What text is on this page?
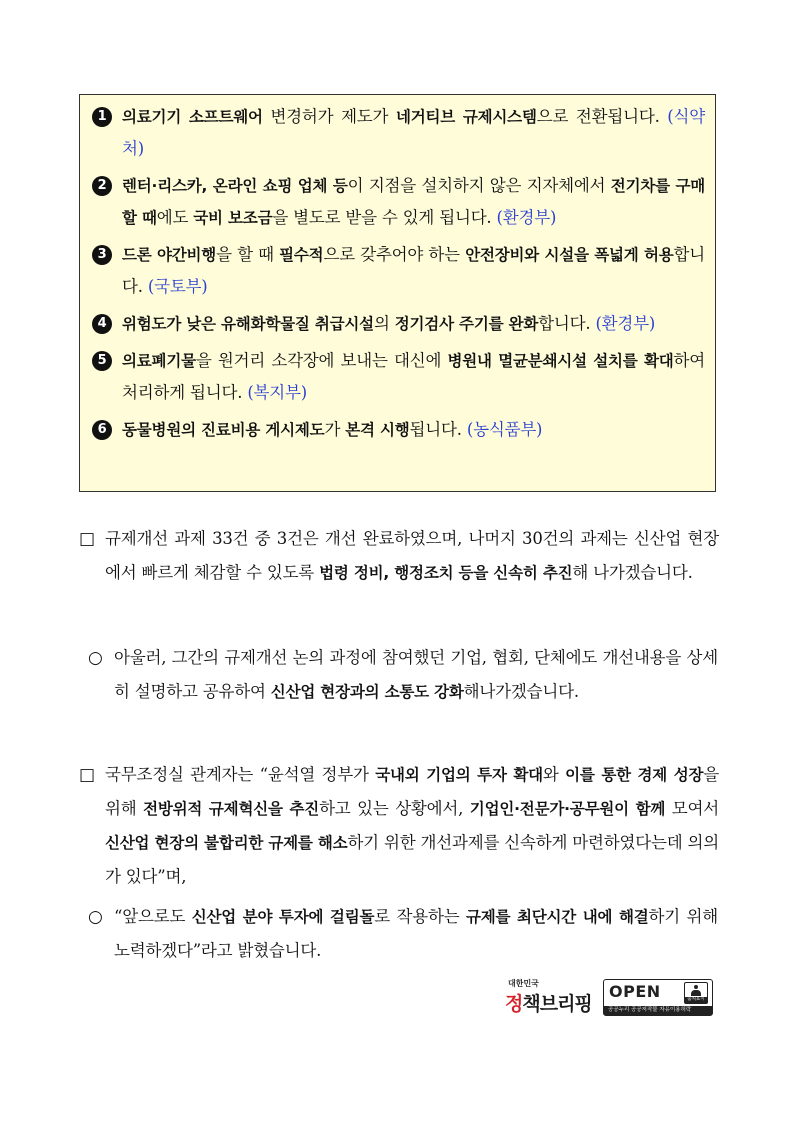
1	의료기기 소프트웨어 변경허가 제도가 네거티브 규제시스템으로 전환됩니다. (식약처)
2	렌터·리스카, 온라인 쇼핑 업체 등이 지점을 설치하지 않은 지자체에서 전기차를 구매할 때에도 국비 보조금을 별도로 받을 수 있게 됩니다. (환경부)
3	드론 야간비행을 할 때 필수적으로 갖추어야 하는 안전장비와 시설을 폭넓게 허용합니다. (국토부)
4	위험도가 낮은 유해화학물질 취급시설의 정기검사 주기를 완화합니다. (환경부)
5	의료폐기물을 원거리 소각장에 보내는 대신에 병원내 멸균분쇄시설 설치를 확대하여 처리하게 됩니다. (복지부)
6	동물병원의 진료비용 게시제도가 본격 시행됩니다. (농식품부)
□ 규제개선 과제 33건 중 3건은 개선 완료하였으며, 나머지 30건의 과제는 신산업 현장에서 빠르게 체감할 수 있도록 법령 정비, 행정조치 등을 신속히 추진해 나가겠습니다.
○ 아울러, 그간의 규제개선 논의 과정에 참여했던 기업, 협회, 단체에도 개선내용을 상세히 설명하고 공유하여 신산업 현장과의 소통도 강화해나가겠습니다.
□ 국무조정실 관계자는 “윤석열 정부가 국내외 기업의 투자 확대와 이를 통한 경제 성장을 위해 전방위적 규제혁신을 추진하고 있는 상황에서, 기업인·전문가·공무원이 함께 모여서 신산업 현장의 불합리한 규제를 해소하기 위한 개선과제를 신속하게 마련하였다는데 의의가 있다”며,
○ “앞으로도 신산업 분야 투자에 걸림돌로 작용하는 규제를 최단시간 내에 해결하기 위해 노력하겠다”라고 밝혔습니다.
대한민국
정책브리핑
OPEN	출처표시
공공누리 공공저작물 자유이용허락
